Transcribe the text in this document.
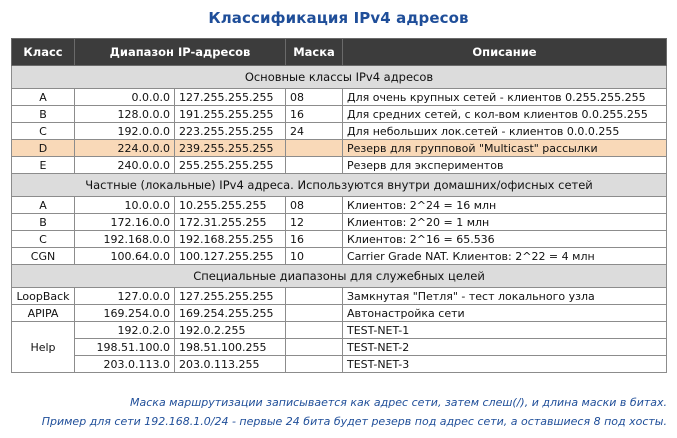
Классификация IPv4 адресов
Класс	Диапазон IP-адресов		Маска	Описание
Основные классы IPv4 адресов				
A	0.0.0.0	127.255.255.255	08	Для очень крупных сетей - клиентов 0.255.255.255
B	128.0.0.0	191.255.255.255	16	Для средних сетей, с кол-вом клиентов 0.0.255.255
C	192.0.0.0	223.255.255.255	24	Для небольших лок.сетей - клиентов 0.0.0.255
D	224.0.0.0	239.255.255.255		Резерв для групповой "Multicast" рассылки
E	240.0.0.0	255.255.255.255		Резерв для экспериментов
Частные (локальные) IPv4 адреса. Используются внутри домашних/офисных сетей				
A	10.0.0.0	10.255.255.255	08	Клиентов: 2^24 = 16 млн
B	172.16.0.0	172.31.255.255	12	Клиентов: 2^20 = 1 млн
C	192.168.0.0	192.168.255.255	16	Клиентов: 2^16 = 65.536
CGN	100.64.0.0	100.127.255.255	10	Carrier Grade NAT. Клиентов: 2^22 = 4 млн
Специальные диапазоны для служебных целей				
LoopBack	127.0.0.0	127.255.255.255		Замкнутая "Петля" - тест локального узла
APIPA	169.254.0.0	169.254.255.255		Автонастройка сети
Help	192.0.2.0	192.0.2.255		TEST-NET-1
	198.51.100.0	198.51.100.255		TEST-NET-2
	203.0.113.0	203.0.113.255		TEST-NET-3
Маска маршрутизации записывается как адрес сети, затем слеш(/), и длина маски в битах.
Пример для сети 192.168.1.0/24 - первые 24 бита будет резерв под адрес сети, а оставшиеся 8 под хосты.
